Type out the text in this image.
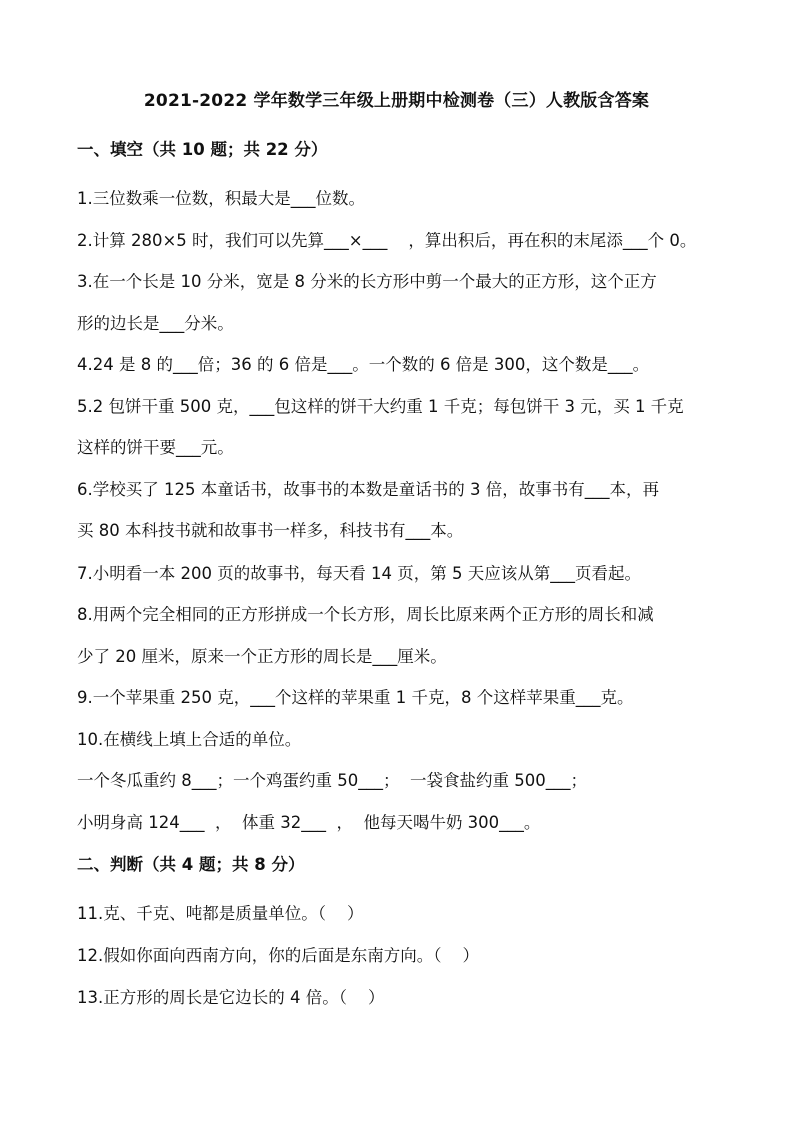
2021-2022 学年数学三年级上册期中检测卷（三）人教版含答案
一、填空（共 10 题；共 22 分）
1.三位数乘一位数，积最大是___位数。
2.计算 280×5 时，我们可以先算___×___    ，算出积后，再在积的末尾添___个 0。
3.在一个长是 10 分米，宽是 8 分米的长方形中剪一个最大的正方形，这个正方
形的边长是___分米。
4.24 是 8 的___倍；36 的 6 倍是___。一个数的 6 倍是 300，这个数是___。
5.2 包饼干重 500 克，___包这样的饼干大约重 1 千克；每包饼干 3 元，买 1 千克
这样的饼干要___元。
6.学校买了 125 本童话书，故事书的本数是童话书的 3 倍，故事书有___本，再
买 80 本科技书就和故事书一样多，科技书有___本。
7.小明看一本 200 页的故事书，每天看 14 页，第 5 天应该从第___页看起。
8.用两个完全相同的正方形拼成一个长方形，周长比原来两个正方形的周长和减
少了 20 厘米，原来一个正方形的周长是___厘米。
9.一个苹果重 250 克，___个这样的苹果重 1 千克，8 个这样苹果重___克。
10.在横线上填上合适的单位。
一个冬瓜重约 8___；一个鸡蛋约重 50___；  一袋食盐约重 500___；
小明身高 124___  ，  体重 32___  ，  他每天喝牛奶 300___。
二、判断（共 4 题；共 8 分）
11.克、千克、吨都是质量单位。（    ）
12.假如你面向西南方向，你的后面是东南方向。（    ）
13.正方形的周长是它边长的 4 倍。（    ）
